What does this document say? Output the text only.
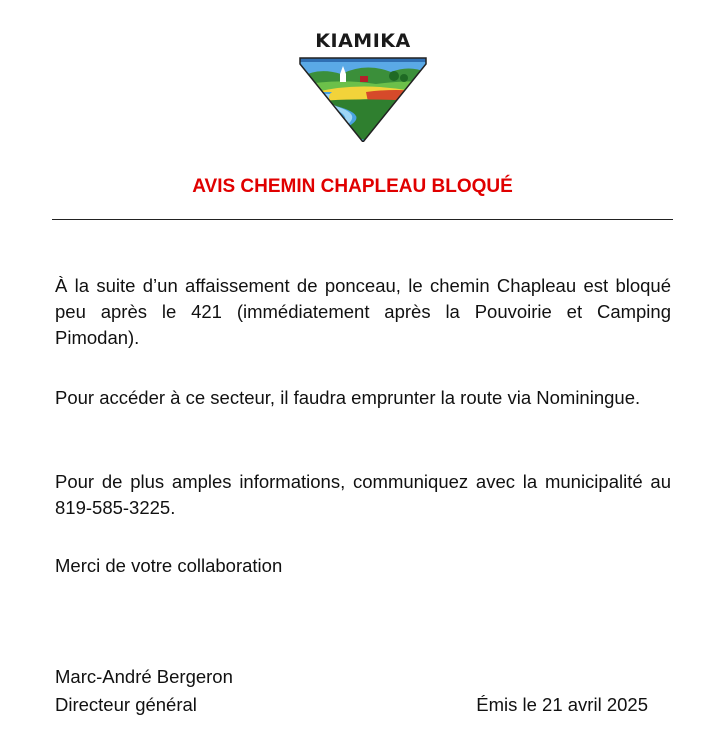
KIAMIKA
AVIS CHEMIN CHAPLEAU BLOQUÉ

À la suite d’un affaissement de ponceau, le chemin Chapleau est bloqué peu après le 421 (immédiatement après la Pouvoirie et Camping Pimodan).

Pour accéder à ce secteur, il faudra emprunter la route via Nominingue.

Pour de plus amples informations, communiquez avec la municipalité au 819-585-3225.

Merci de votre collaboration

Marc-André Bergeron

Directeur général	Émis le 21 avril 2025
